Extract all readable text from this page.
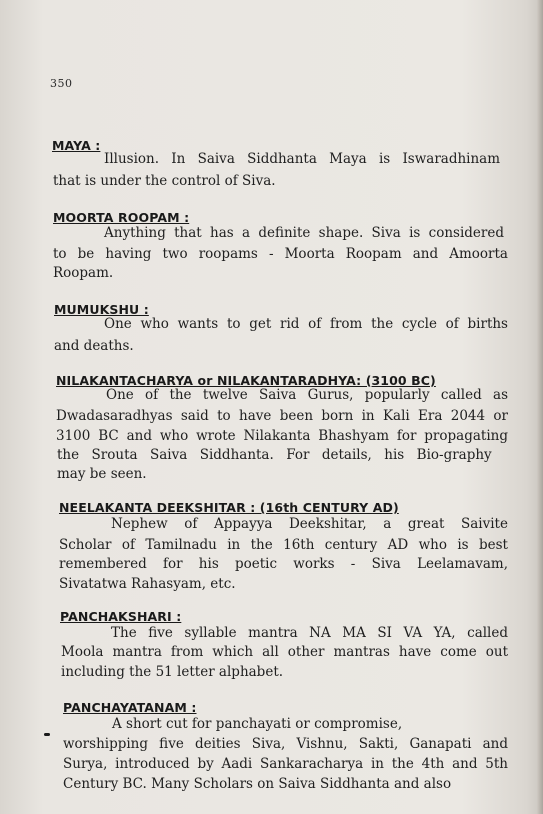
350
MAYA :
Illusion. In Saiva Siddhanta Maya is Iswaradhinam
that is under the control of Siva.
MOORTA ROOPAM :
Anything that has a definite shape. Siva is considered
to be having two roopams - Moorta Roopam and Amoorta
Roopam.
MUMUKSHU :
One who wants to get rid of from the cycle of births
and deaths.
NILAKANTACHARYA or NILAKANTARADHYA: (3100 BC)
One of the twelve Saiva Gurus, popularly called as
Dwadasaradhyas said to have been born in Kali Era 2044 or
3100 BC and who wrote Nilakanta Bhashyam for propagating
the Srouta Saiva Siddhanta. For details, his Bio-graphy
may be seen.
NEELAKANTA DEEKSHITAR : (16th CENTURY AD)
Nephew of Appayya Deekshitar, a great Saivite
Scholar of Tamilnadu in the 16th century AD who is best
remembered for his poetic works - Siva Leelamavam,
Sivatatwa Rahasyam, etc.
PANCHAKSHARI :
The five syllable mantra NA MA SI VA YA, called
Moola mantra from which all other mantras have come out
including the 51 letter alphabet.
PANCHAYATANAM :
A short cut for panchayati or compromise,
worshipping five deities Siva, Vishnu, Sakti, Ganapati and
Surya, introduced by Aadi Sankaracharya in the 4th and 5th
Century BC. Many Scholars on Saiva Siddhanta and also
